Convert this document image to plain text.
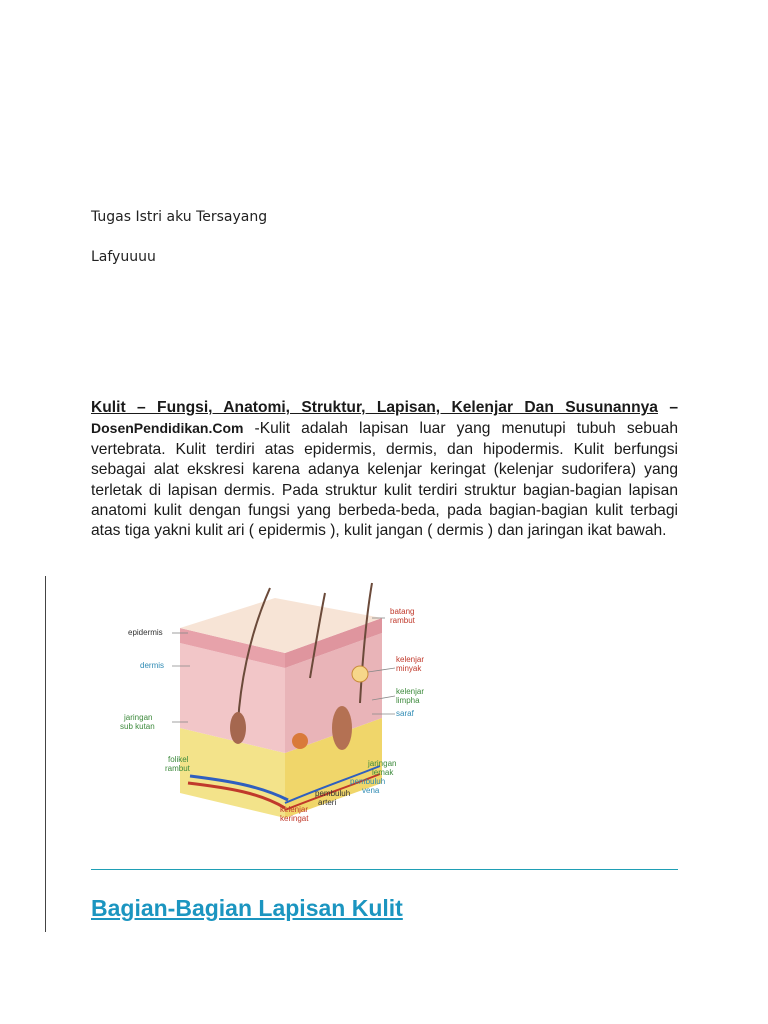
Tugas Istri aku Tersayang
Lafyuuuu
Kulit – Fungsi, Anatomi, Struktur, Lapisan, Kelenjar Dan Susunannya – DosenPendidikan.Com -Kulit adalah lapisan luar yang menutupi tubuh sebuah vertebrata. Kulit terdiri atas epidermis, dermis, dan hipodermis. Kulit berfungsi sebagai alat ekskresi karena adanya kelenjar keringat (kelenjar sudorifera) yang terletak di lapisan dermis. Pada struktur kulit terdiri struktur bagian-bagian lapisan anatomi kulit dengan fungsi yang berbeda-beda, pada bagian-bagian kulit terbagi atas tiga yakni kulit ari ( epidermis ), kulit jangan ( dermis ) dan jaringan ikat bawah.
epidermis
dermis
jaringan
sub kutan
folikel
rambut
batang
rambut
kelenjar
minyak
kelenjar
limpha
saraf
jaringan
lemak
pembuluh
vena
pembuluh
arteri
kelenjar
keringat
Bagian-Bagian Lapisan Kulit
